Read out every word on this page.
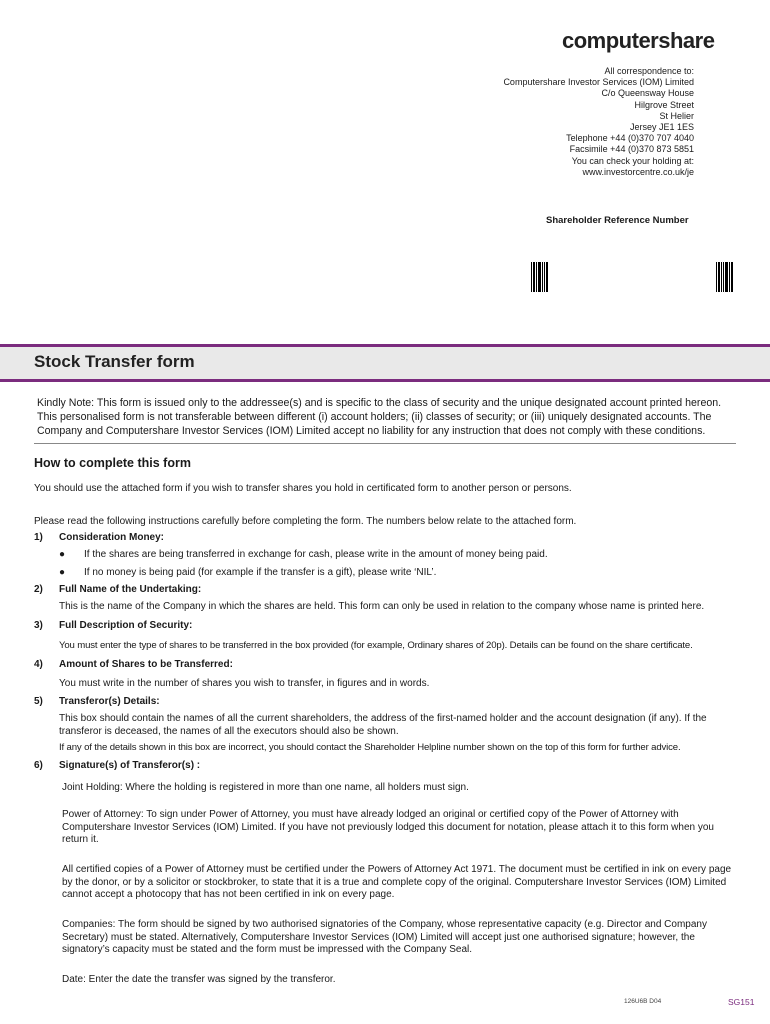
computershare
All correspondence to:
Computershare Investor Services (IOM) Limited
C/o Queensway House
Hilgrove Street
St Helier
Jersey JE1 1ES
Telephone +44 (0)370 707 4040
Facsimile +44 (0)370 873 5851
You can check your holding at:
www.investorcentre.co.uk/je
Shareholder Reference Number
Stock Transfer form
Kindly Note: This form is issued only to the addressee(s) and is specific to the class of security and the unique designated account printed hereon. This personalised form is not transferable between different (i) account holders; (ii) classes of security; or (iii) uniquely designated accounts. The Company and Computershare Investor Services (IOM) Limited accept no liability for any instruction that does not comply with these conditions.
How to complete this form
You should use the attached form if you wish to transfer shares you hold in certificated form to another person or persons.
Please read the following instructions carefully before completing the form. The numbers below relate to the attached form.
1) Consideration Money:
● If the shares are being transferred in exchange for cash, please write in the amount of money being paid.
● If no money is being paid (for example if the transfer is a gift), please write ‘NIL’.
2) Full Name of the Undertaking:
This is the name of the Company in which the shares are held. This form can only be used in relation to the company whose name is printed here.
3) Full Description of Security:
You must enter the type of shares to be transferred in the box provided (for example, Ordinary shares of 20p). Details can be found on the share certificate.
4) Amount of Shares to be Transferred:
You must write in the number of shares you wish to transfer, in figures and in words.
5) Transferor(s) Details:
This box should contain the names of all the current shareholders, the address of the first-named holder and the account designation (if any). If the transferor is deceased, the names of all the executors should also be shown.
If any of the details shown in this box are incorrect, you should contact the Shareholder Helpline number shown on the top of this form for further advice.
6) Signature(s) of Transferor(s) :
Joint Holding: Where the holding is registered in more than one name, all holders must sign.
Power of Attorney: To sign under Power of Attorney, you must have already lodged an original or certified copy of the Power of Attorney with Computershare Investor Services (IOM) Limited. If you have not previously lodged this document for notation, please attach it to this form when you return it.
All certified copies of a Power of Attorney must be certified under the Powers of Attorney Act 1971. The document must be certified in ink on every page by the donor, or by a solicitor or stockbroker, to state that it is a true and complete copy of the original. Computershare Investor Services (IOM) Limited cannot accept a photocopy that has not been certified in ink on every page.
Companies: The form should be signed by two authorised signatories of the Company, whose representative capacity (e.g. Director and Company Secretary) must be stated. Alternatively, Computershare Investor Services (IOM) Limited will accept just one authorised signature; however, the signatory’s capacity must be stated and the form must be impressed with the Company Seal.
Date: Enter the date the transfer was signed by the transferor.
126U6B D04	SG151
